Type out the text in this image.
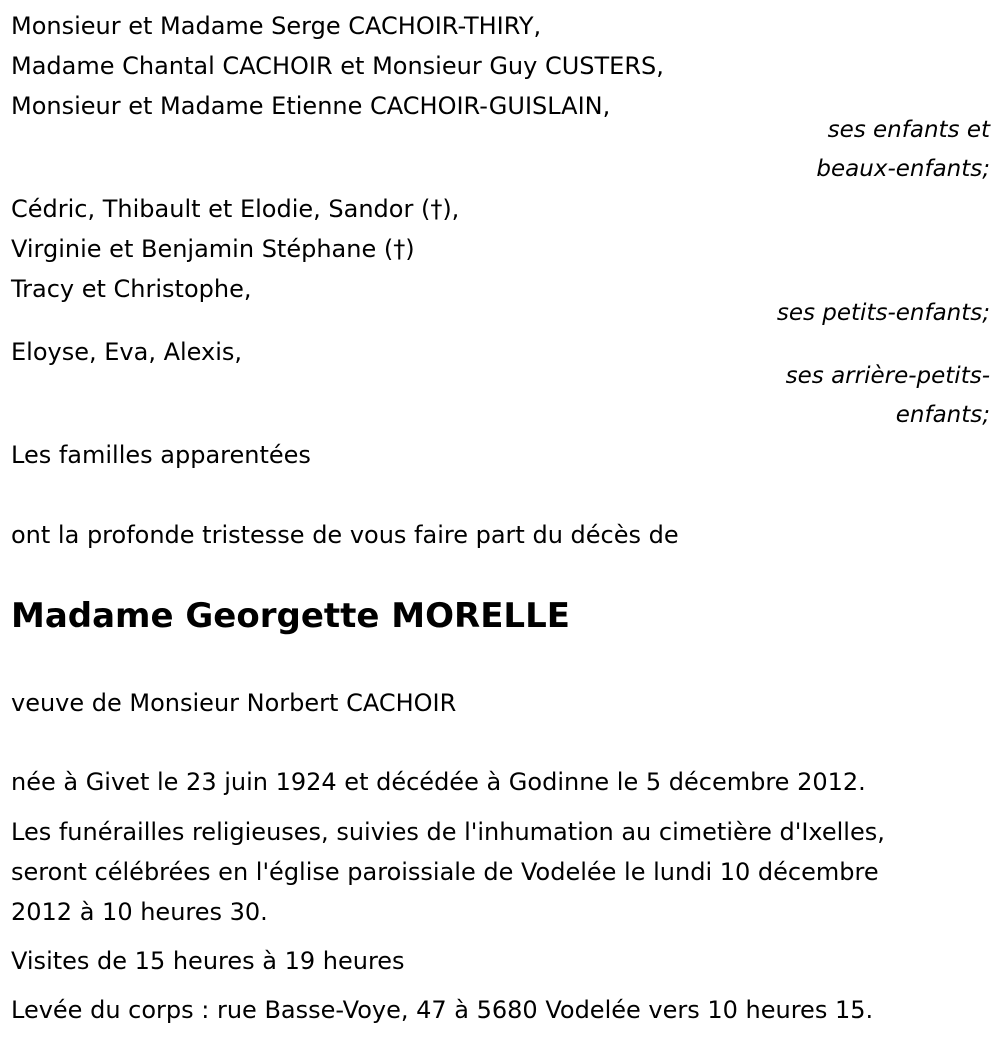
Monsieur et Madame Serge CACHOIR-THIRY,
Madame Chantal CACHOIR et Monsieur Guy CUSTERS,
Monsieur et Madame Etienne CACHOIR-GUISLAIN,
ses enfants et
beaux-enfants;
Cédric, Thibault et Elodie, Sandor (†),
Virginie et Benjamin Stéphane (†)
Tracy et Christophe,
ses petits-enfants;
Eloyse, Eva, Alexis,
ses arrière-petits-
enfants;
Les familles apparentées
ont la profonde tristesse de vous faire part du décès de
Madame Georgette MORELLE
veuve de Monsieur Norbert CACHOIR
née à Givet le 23 juin 1924 et décédée à Godinne le 5 décembre 2012.
Les funérailles religieuses, suivies de l'inhumation au cimetière d'Ixelles,
seront célébrées en l'église paroissiale de Vodelée le lundi 10 décembre
2012 à 10 heures 30.
Visites de 15 heures à 19 heures
Levée du corps : rue Basse-Voye, 47 à 5680 Vodelée vers 10 heures 15.
